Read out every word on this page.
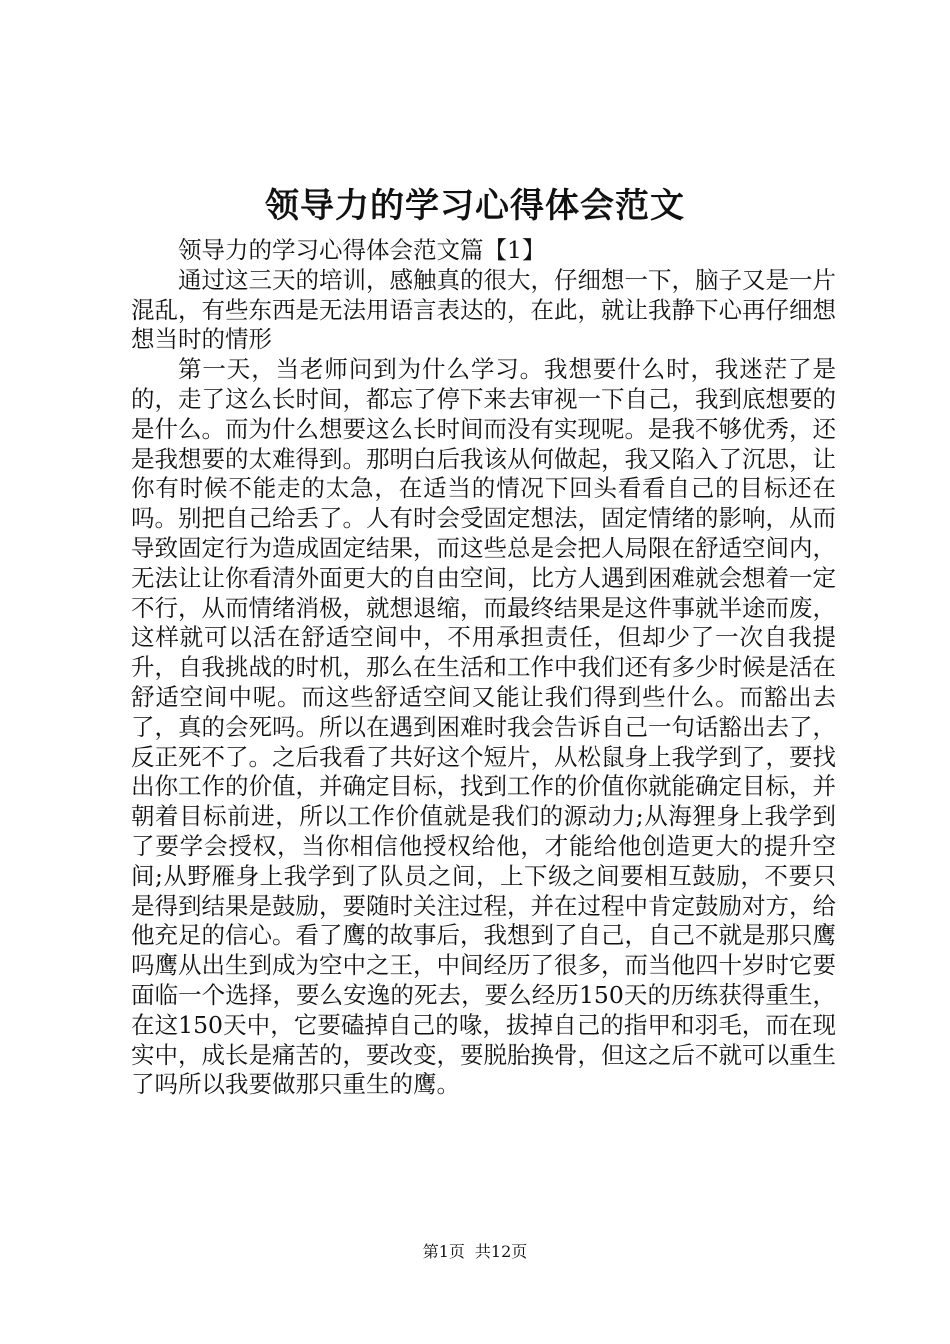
领导力的学习心得体会范文

领导力的学习心得体会范文篇【1】

通过这三天的培训，感触真的很大，仔细想一下，脑子又是一片混乱，有些东西是无法用语言表达的，在此，就让我静下心再仔细想想当时的情形

第一天，当老师问到为什么学习。我想要什么时，我迷茫了是的，走了这么长时间，都忘了停下来去审视一下自己，我到底想要的是什么。而为什么想要这么长时间而没有实现呢。是我不够优秀，还是我想要的太难得到。那明白后我该从何做起，我又陷入了沉思，让你有时候不能走的太急，在适当的情况下回头看看自己的目标还在吗。别把自己给丢了。人有时会受固定想法，固定情绪的影响，从而导致固定行为造成固定结果，而这些总是会把人局限在舒适空间内，无法让让你看清外面更大的自由空间，比方人遇到困难就会想着一定不行，从而情绪消极，就想退缩，而最终结果是这件事就半途而废，这样就可以活在舒适空间中，不用承担责任，但却少了一次自我提升，自我挑战的时机，那么在生活和工作中我们还有多少时候是活在舒适空间中呢。而这些舒适空间又能让我们得到些什么。而豁出去了，真的会死吗。所以在遇到困难时我会告诉自己一句话豁出去了，反正死不了。之后我看了共好这个短片，从松鼠身上我学到了，要找出你工作的价值，并确定目标，找到工作的价值你就能确定目标，并朝着目标前进，所以工作价值就是我们的源动力;从海狸身上我学到了要学会授权，当你相信他授权给他，才能给他创造更大的提升空间;从野雁身上我学到了队员之间，上下级之间要相互鼓励，不要只是得到结果是鼓励，要随时关注过程，并在过程中肯定鼓励对方，给他充足的信心。看了鹰的故事后，我想到了自己，自己不就是那只鹰吗鹰从出生到成为空中之王，中间经历了很多，而当他四十岁时它要面临一个选择，要么安逸的死去，要么经历150天的历练获得重生，在这150天中，它要磕掉自己的喙，拔掉自己的指甲和羽毛，而在现实中，成长是痛苦的，要改变，要脱胎换骨，但这之后不就可以重生了吗所以我要做那只重生的鹰。

第1页 共12页
